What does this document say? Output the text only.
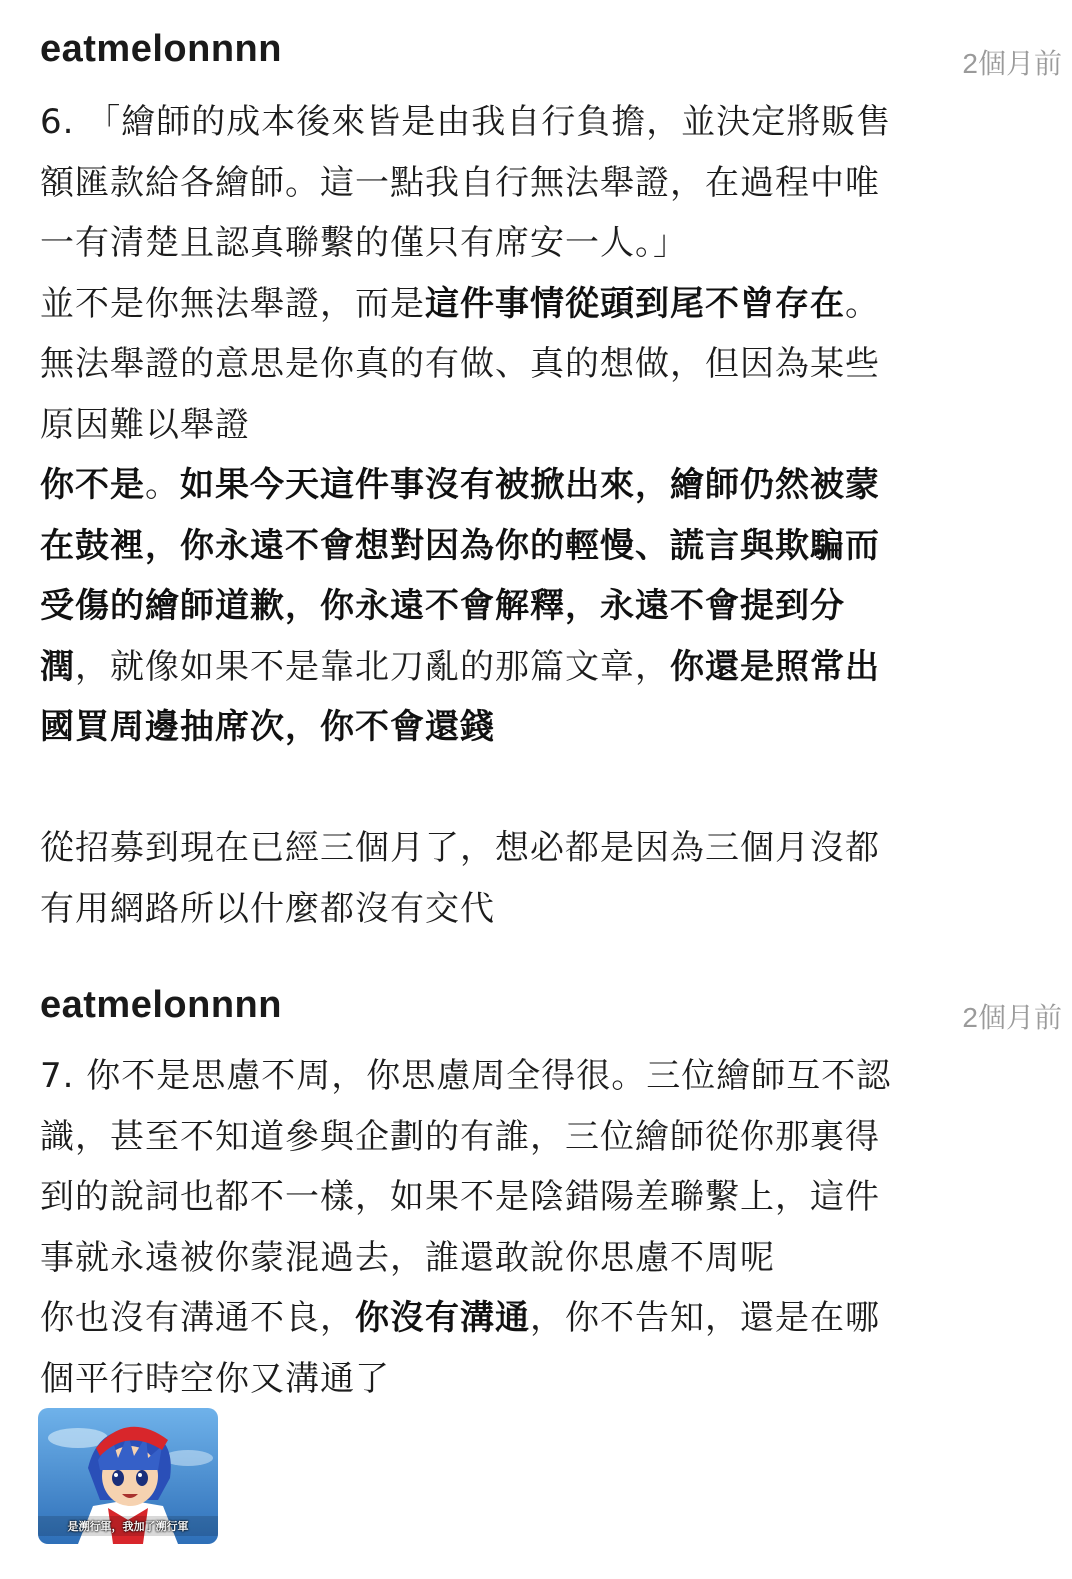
eatmelonnnn	2個月前
6. 「繪師的成本後來皆是由我自行負擔，並決定將販售
額匯款給各繪師。這一點我自行無法舉證，在過程中唯
一有清楚且認真聯繫的僅只有席安一人。」
並不是你無法舉證，而是這件事情從頭到尾不曾存在。
無法舉證的意思是你真的有做、真的想做，但因為某些
原因難以舉證
你不是。如果今天這件事沒有被掀出來，繪師仍然被蒙
在鼓裡，你永遠不會想對因為你的輕慢、謊言與欺騙而
受傷的繪師道歉，你永遠不會解釋，永遠不會提到分
潤，就像如果不是靠北刀亂的那篇文章，你還是照常出
國買周邊抽席次，你不會還錢
從招募到現在已經三個月了，想必都是因為三個月沒都
有用網路所以什麼都沒有交代
eatmelonnnn	2個月前
7. 你不是思慮不周，你思慮周全得很。三位繪師互不認
識，甚至不知道參與企劃的有誰，三位繪師從你那裏得
到的說詞也都不一樣，如果不是陰錯陽差聯繫上，這件
事就永遠被你蒙混過去，誰還敢說你思慮不周呢
你也沒有溝通不良，你沒有溝通，你不告知，還是在哪
個平行時空你又溝通了
是溯行軍，我加了溯行軍
